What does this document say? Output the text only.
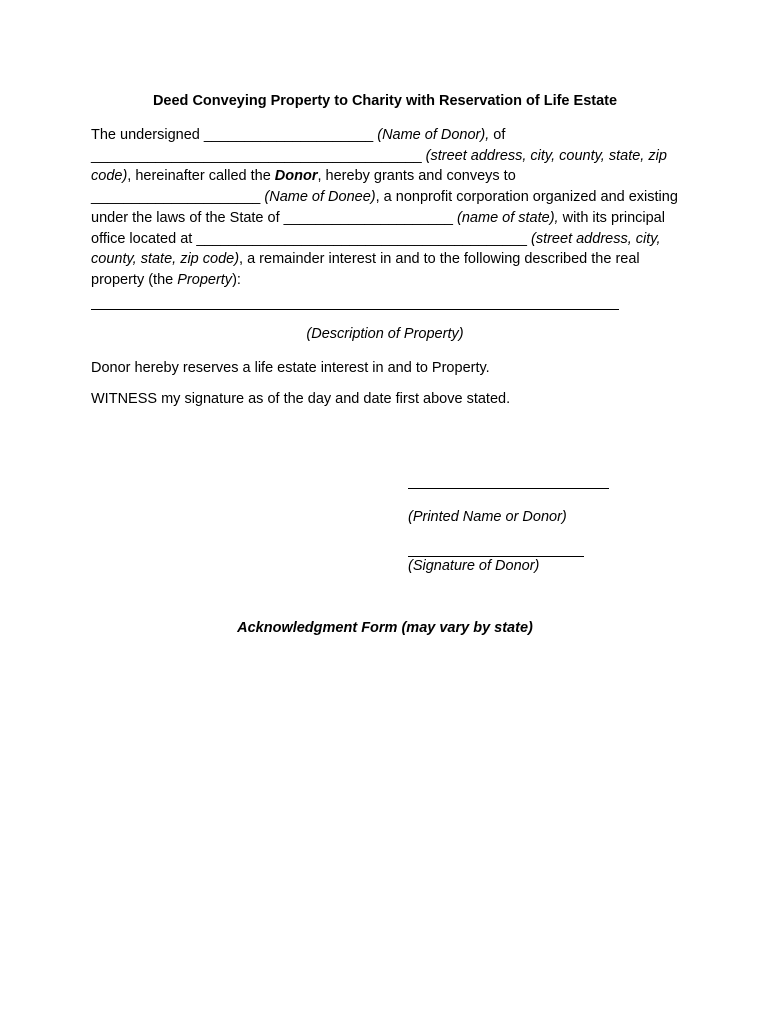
Deed Conveying Property to Charity with Reservation of Life Estate
The undersigned _____________________ (Name of Donor), of _________________________________________ (street address, city, county, state, zip code), hereinafter called the Donor, hereby grants and conveys to _____________________ (Name of Donee), a nonprofit corporation organized and existing under the laws of the State of _____________________ (name of state), with its principal office located at _________________________________________ (street address, city, county, state, zip code), a remainder interest in and to the following described the real property (the Property):
(Description of Property)
Donor hereby reserves a life estate interest in and to Property.
WITNESS my signature as of the day and date first above stated.
(Printed Name or Donor)
(Signature of Donor)
Acknowledgment Form (may vary by state)
